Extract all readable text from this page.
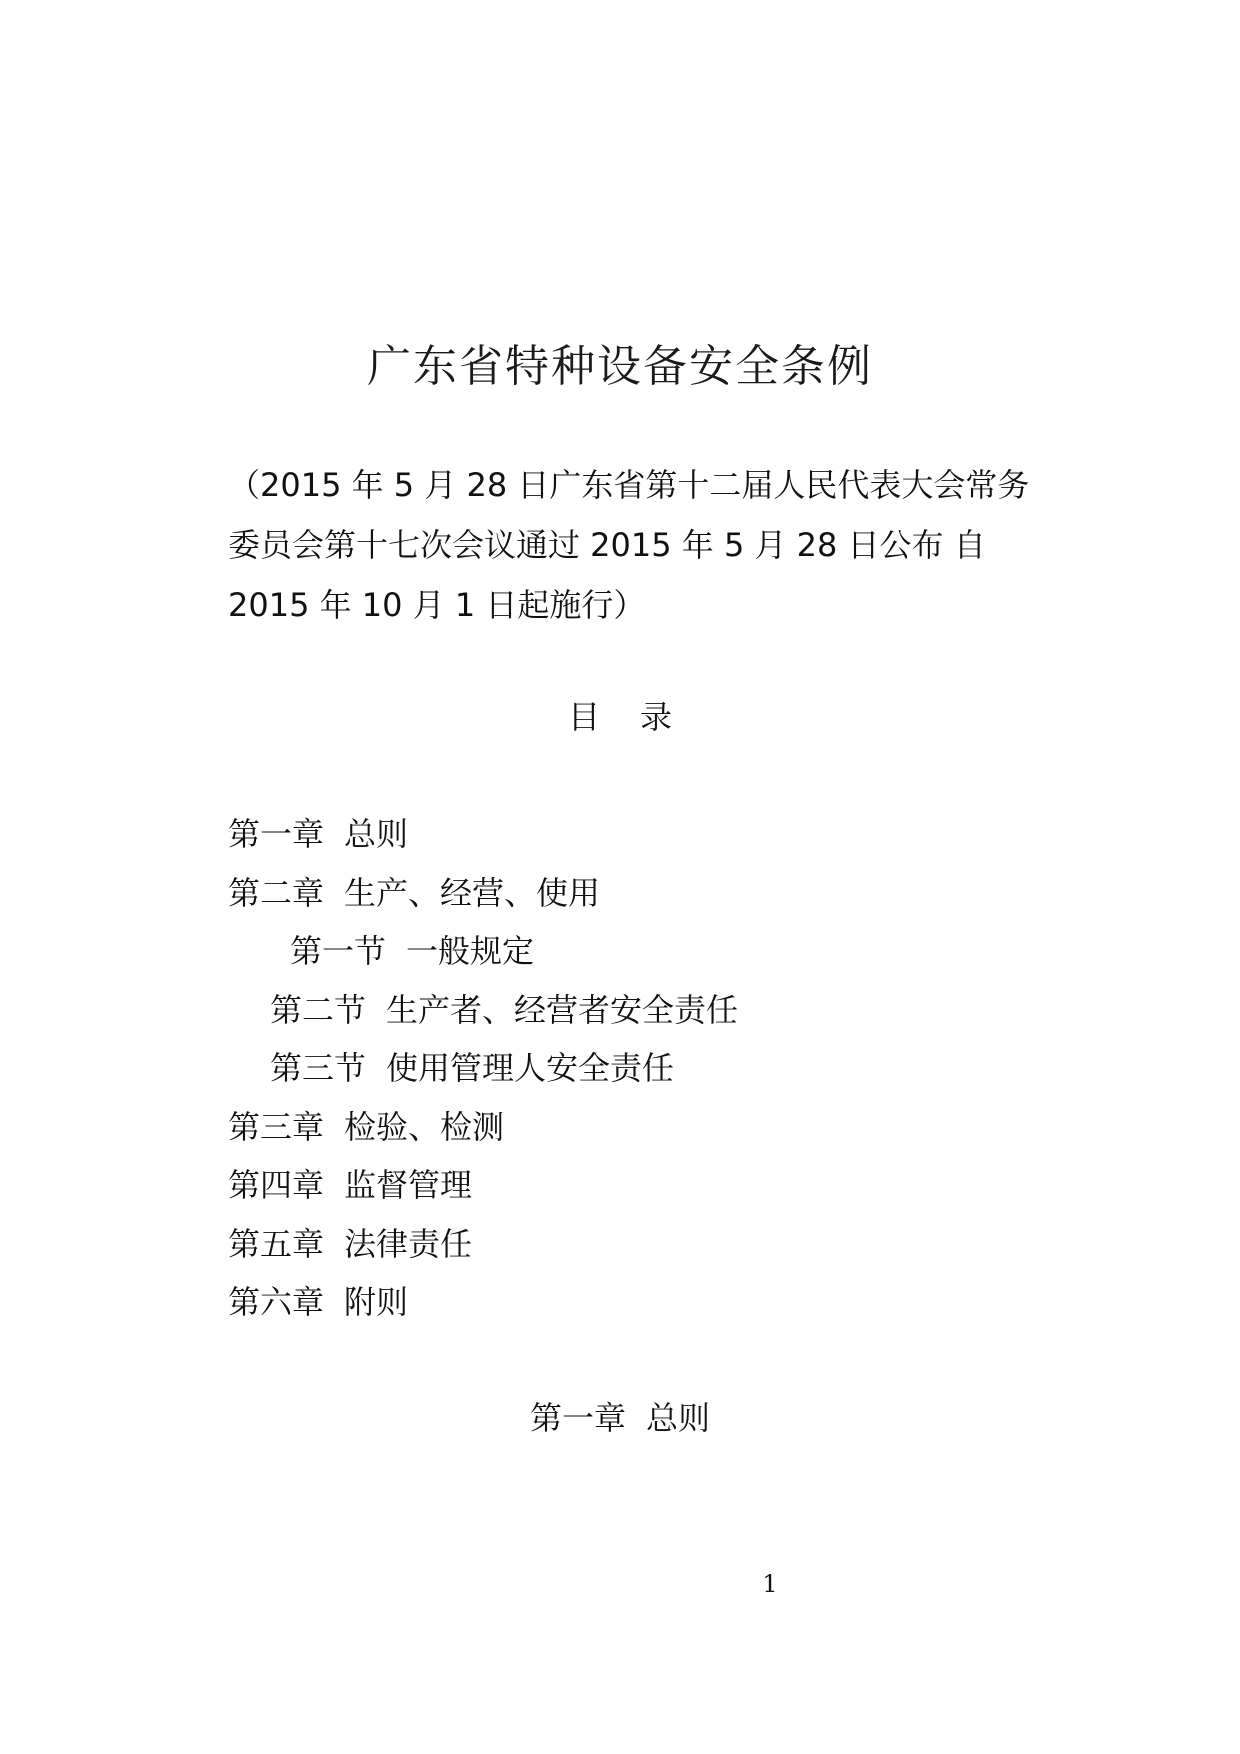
广东省特种设备安全条例
（2015 年 5 月 28 日广东省第十二届人民代表大会常务
委员会第十七次会议通过 2015 年 5 月 28 日公布 自
2015 年 10 月 1 日起施行）
目录
第一章 总则
第二章 生产、经营、使用
第一节 一般规定
第二节 生产者、经营者安全责任
第三节 使用管理人安全责任
第三章 检验、检测
第四章 监督管理
第五章 法律责任
第六章 附则
第一章 总则
1
